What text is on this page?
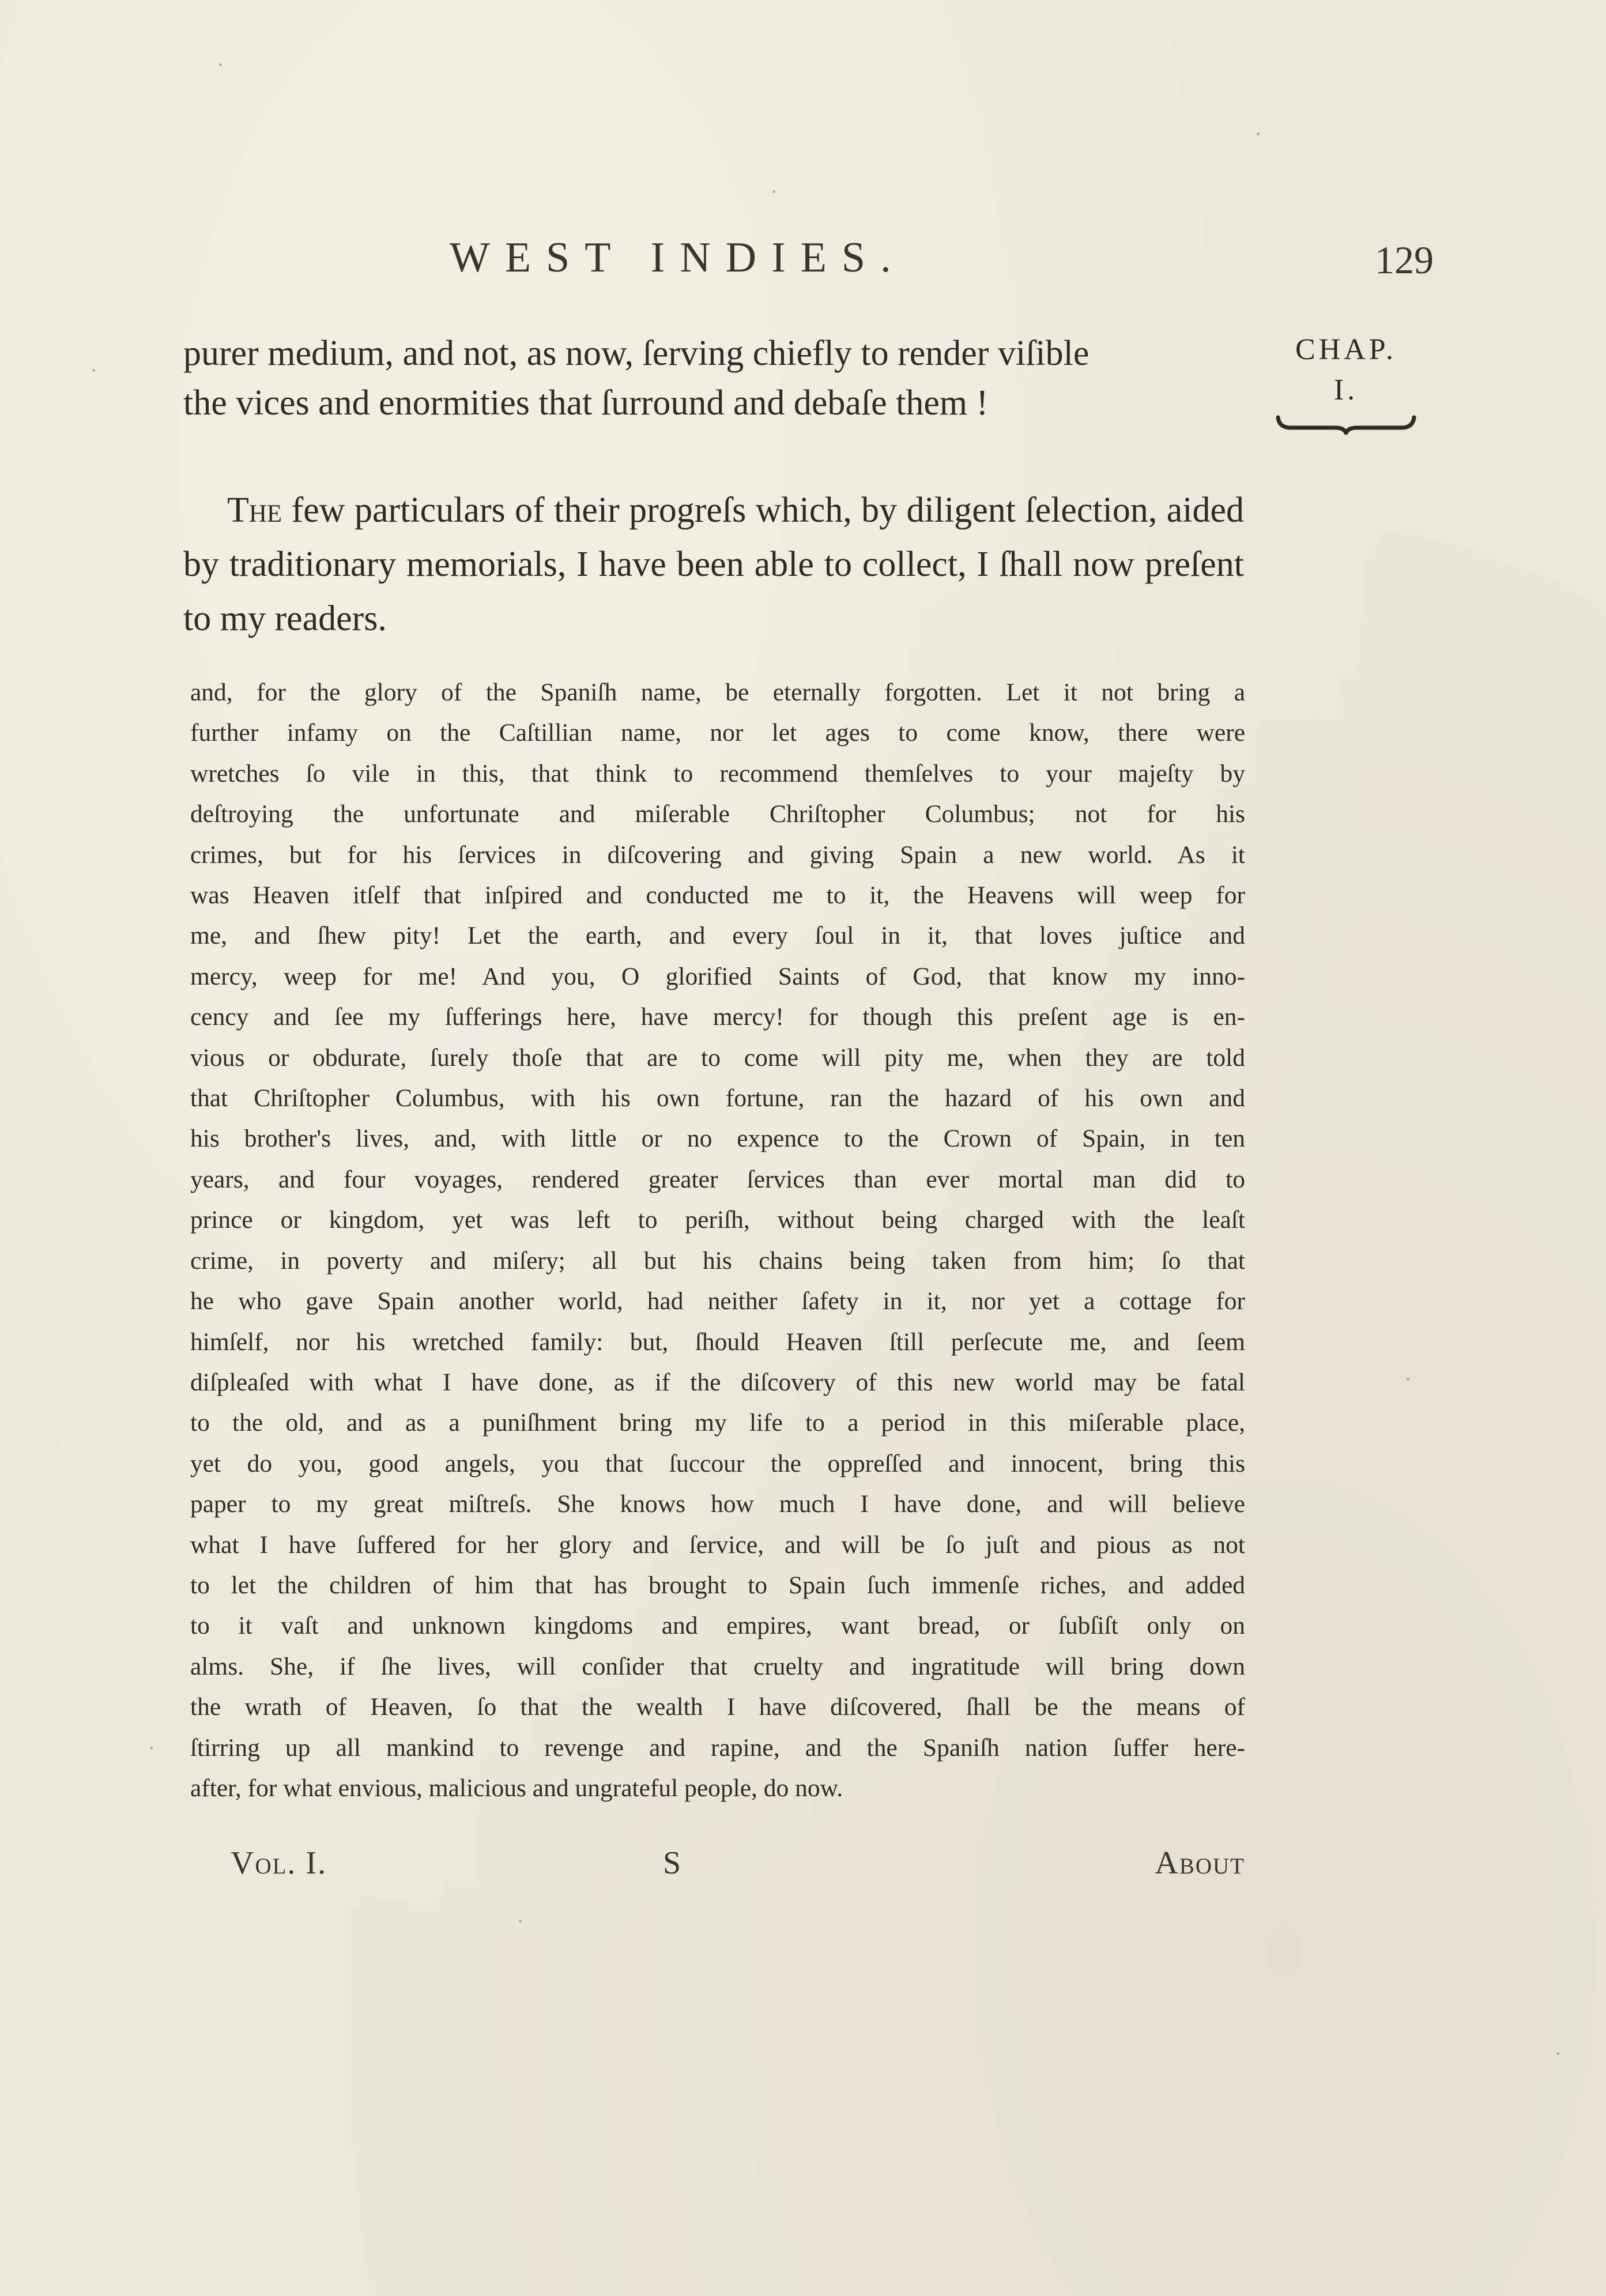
WEST INDIES.	129
CHAP.
I.

purer medium, and not, as now, ſerving chiefly to render viſible

the vices and enormities that ſurround and debaſe them !

The few particulars of their progreſs which, by diligent ſelection, aided by traditionary memorials, I have been able to collect, I ſhall now preſent to my readers.

and, for the glory of the Spaniſh name, be eternally forgotten. Let it not bring a
further infamy on the Caſtillian name, nor let ages to come know, there were
wretches ſo vile in this, that think to recommend themſelves to your majeſty by
deſtroying the unfortunate and miſerable Chriſtopher Columbus; not for his
crimes, but for his ſervices in diſcovering and giving Spain a new world. As it
was Heaven itſelf that inſpired and conducted me to it, the Heavens will weep for
me, and ſhew pity! Let the earth, and every ſoul in it, that loves juſtice and
mercy, weep for me! And you, O glorified Saints of God, that know my inno-
cency and ſee my ſufferings here, have mercy! for though this preſent age is en-
vious or obdurate, ſurely thoſe that are to come will pity me, when they are told
that Chriſtopher Columbus, with his own fortune, ran the hazard of his own and
his brother's lives, and, with little or no expence to the Crown of Spain, in ten
years, and four voyages, rendered greater ſervices than ever mortal man did to
prince or kingdom, yet was left to periſh, without being charged with the leaſt
crime, in poverty and miſery; all but his chains being taken from him; ſo that
he who gave Spain another world, had neither ſafety in it, nor yet a cottage for
himſelf, nor his wretched family: but, ſhould Heaven ſtill perſecute me, and ſeem
diſpleaſed with what I have done, as if the diſcovery of this new world may be fatal
to the old, and as a puniſhment bring my life to a period in this miſerable place,
yet do you, good angels, you that ſuccour the oppreſſed and innocent, bring this
paper to my great miſtreſs. She knows how much I have done, and will believe
what I have ſuffered for her glory and ſervice, and will be ſo juſt and pious as not
to let the children of him that has brought to Spain ſuch immenſe riches, and added
to it vaſt and unknown kingdoms and empires, want bread, or ſubſiſt only on
alms. She, if ſhe lives, will conſider that cruelty and ingratitude will bring down
the wrath of Heaven, ſo that the wealth I have diſcovered, ſhall be the means of
ſtirring up all mankind to revenge and rapine, and the Spaniſh nation ſuffer here-
after, for what envious, malicious and ungrateful people, do now.
Vol. I.	S	About
